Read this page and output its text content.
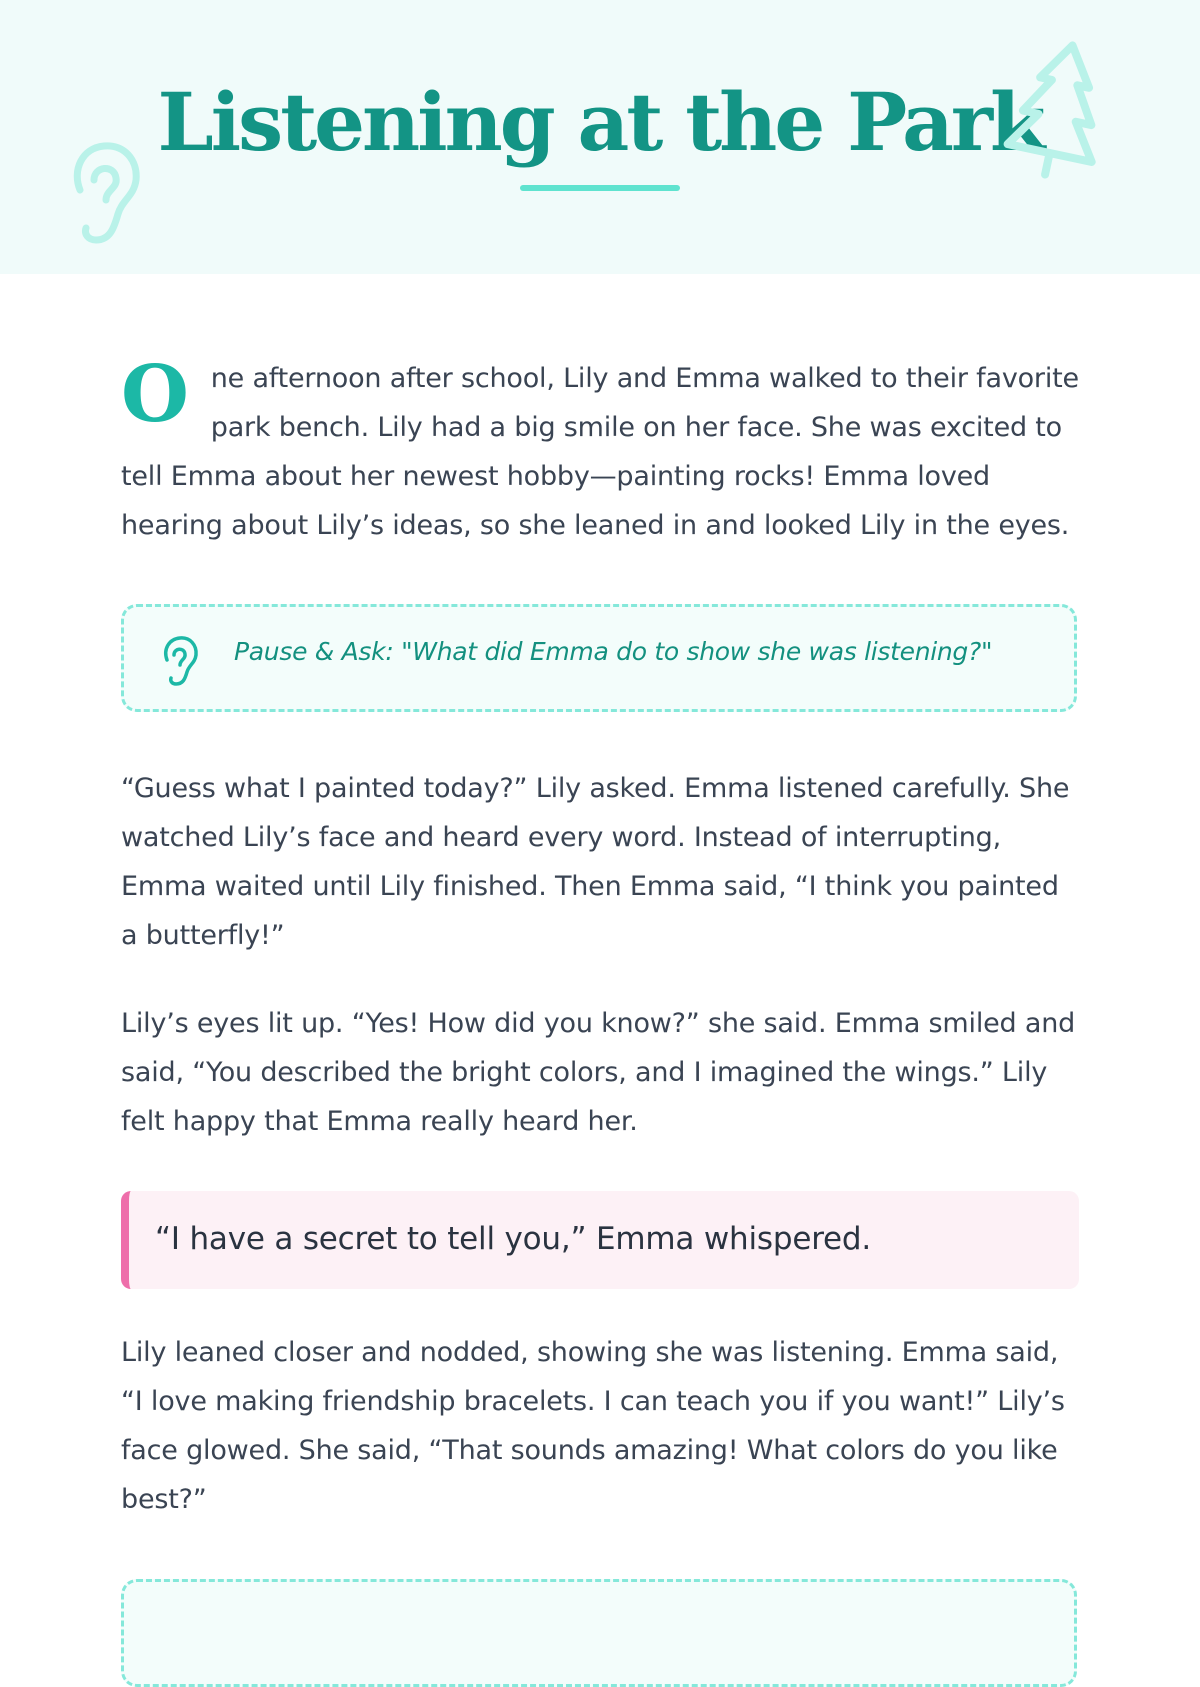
Listening at the Park

One afternoon after school, Lily and Emma walked to their favorite park bench. Lily had a big smile on her face. She was excited to tell Emma about her newest hobby—painting rocks! Emma loved hearing about Lily’s ideas, so she leaned in and looked Lily in the eyes.

Pause & Ask: "What did Emma do to show she was listening?"

“Guess what I painted today?” Lily asked. Emma listened carefully. She watched Lily’s face and heard every word. Instead of interrupting, Emma waited until Lily finished. Then Emma said, “I think you painted a butterfly!”

Lily’s eyes lit up. “Yes! How did you know?” she said. Emma smiled and said, “You described the bright colors, and I imagined the wings.” Lily felt happy that Emma really heard her.

“I have a secret to tell you,” Emma whispered.

Lily leaned closer and nodded, showing she was listening. Emma said, “I love making friendship bracelets. I can teach you if you want!” Lily’s face glowed. She said, “That sounds amazing! What colors do you like best?”
